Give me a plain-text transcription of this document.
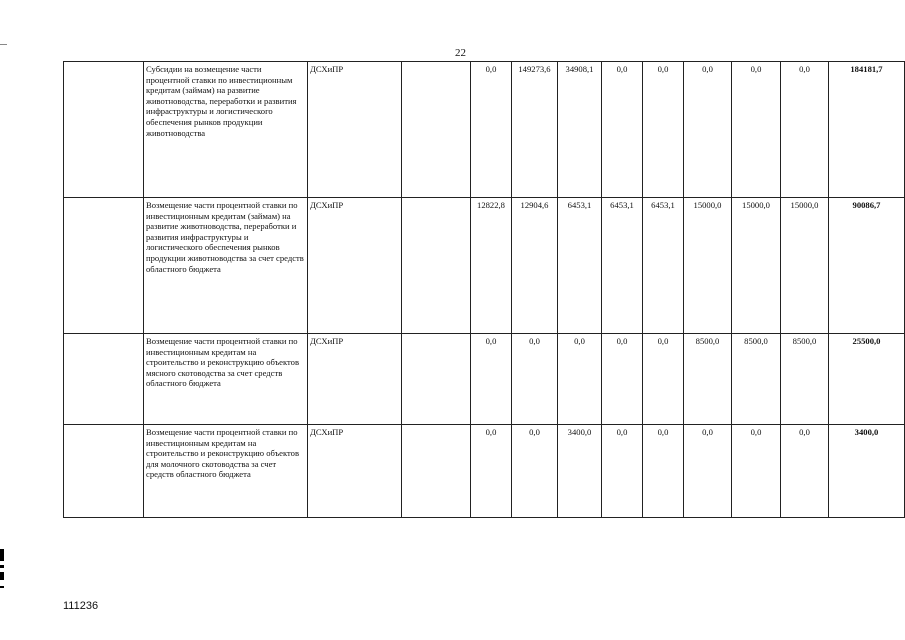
22
	Субсидии на возмещение части процентной ставки по инвестиционным кредитам (займам) на развитие животноводства, переработки и развития инфраструктуры и логистического обеспечения рынков продукции животноводства	ДСХиПР		0,0	149273,6	34908,1	0,0	0,0	0,0	0,0	0,0	184181,7
	Возмещение части процентной ставки по инвестиционным кредитам (займам) на развитие животноводства, переработки и развития инфраструктуры и логистического обеспечения рынков продукции животноводства за счет средств областного бюджета	ДСХиПР		12822,8	12904,6	6453,1	6453,1	6453,1	15000,0	15000,0	15000,0	90086,7
	Возмещение части процентной ставки по инвестиционным кредитам на строительство и реконструкцию объектов мясного скотоводства за счет средств областного бюджета	ДСХиПР		0,0	0,0	0,0	0,0	0,0	8500,0	8500,0	8500,0	25500,0
	Возмещение части процентной ставки по инвестиционным кредитам на строительство и реконструкцию объектов для молочного скотоводства за счет средств областного бюджета	ДСХиПР		0,0	0,0	3400,0	0,0	0,0	0,0	0,0	0,0	3400,0
111236
